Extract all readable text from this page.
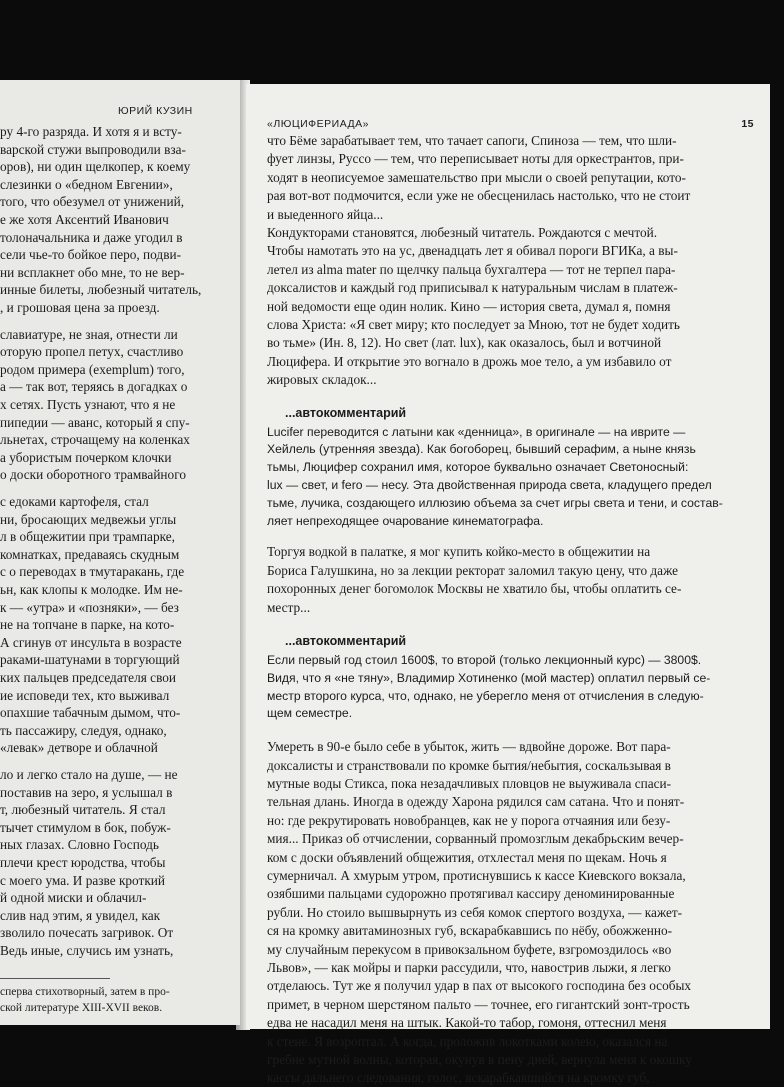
ЮРИЙ КУЗИН
ру 4-го разряда. И хотя я и всту-
варской стужи выпроводили вза-
оров), ни один щелкопер, к коему
слезинки о «бедном Евгении»,
того, что обезумел от унижений,
е же хотя Аксентий Иванович
толоначальника и даже угодил в
сели чье-то бойкое перо, подви-
ни всплакнет обо мне, то не вер-
инные билеты, любезный читатель,
, и грошовая цена за проезд.
славиатуре, не зная, отнести ли
оторую пропел петух, счастливо
родом примера (exemplum) того,
а — так вот, теряясь в догадках о
х сетях. Пусть узнают, что я не
пипедии — аванс, который я спу-
льнетах, строчащему на коленках
а убористым почерком клочки
о доски оборотного трамвайного
с едоками картофеля, стал
ни, бросающих медвежьи углы
л в общежитии при трампарке,
комнатках, предаваясь скудным
с о переводах в тмутаракань, где
ьн, как клопы к молодке. Им не-
к — «утра» и «позняки», — без
не на топчане в парке, на кото-
А сгинув от инсульта в возрасте
раками-шатунами в торгующий
ких пальцев председателя свои
ие исповеди тех, кто выживал
опахшие табачным дымом, что-
ть пассажиру, следуя, однако,
«левак» детворе и облачной
ло и легко стало на душе, — не
поставив на зеро, я услышал в
т, любезный читатель. Я стал
тычет стимулом в бок, побуж-
ных глазах. Словно Господь
плечи крест юродства, чтобы
с моего ума. И разве кроткий
й одной миски и облачил-
слив над этим, я увидел, как
зволило почесать загривок. От
Ведь иные, случись им узнать,
сперва стихотворный, затем в про-
ской литературе XIII-XVII веков.
«ЛЮЦИФЕРИАДА»	15
что Бёме зарабатывает тем, что тачает сапоги, Спиноза — тем, что шли-
фует линзы, Руссо — тем, что переписывает ноты для оркестрантов, при-
ходят в неописуемое замешательство при мысли о своей репутации, кото-
рая вот-вот подмочится, если уже не обесценилась настолько, что не стоит
и выеденного яйца...
Кондукторами становятся, любезный читатель. Рождаются с мечтой.
Чтобы намотать это на ус, двенадцать лет я обивал пороги ВГИКа, а вы-
летел из alma mater по щелчку пальца бухгалтера — тот не терпел пара-
доксалистов и каждый год приписывал к натуральным числам в платеж-
ной ведомости еще один нолик. Кино — история света, думал я, помня
слова Христа: «Я свет миру; кто последует за Мною, тот не будет ходить
во тьме» (Ин. 8, 12). Но свет (лат. lux), как оказалось, был и вотчиной
Люцифера. И открытие это вогнало в дрожь мое тело, а ум избавило от
жировых складок...
...автокомментарий
Lucifer переводится с латыни как «денница», в оригинале — на иврите —
Хейлель (утренняя звезда). Как богоборец, бывший серафим, а ныне князь
тьмы, Люцифер сохранил имя, которое буквально означает Светоносный:
lux — свет, и fero — несу. Эта двойственная природа света, кладущего предел
тьме, лучика, создающего иллюзию объема за счет игры света и тени, и состав-
ляет непреходящее очарование кинематографа.
Торгуя водкой в палатке, я мог купить койко-место в общежитии на
Бориса Галушкина, но за лекции ректорат заломил такую цену, что даже
похоронных денег богомолок Москвы не хватило бы, чтобы оплатить се-
местр...
...автокомментарий
Если первый год стоил 1600$, то второй (только лекционный курс) — 3800$.
Видя, что я «не тяну», Владимир Хотиненко (мой мастер) оплатил первый се-
местр второго курса, что, однако, не уберегло меня от отчисления в следую-
щем семестре.
Умереть в 90-е было себе в убыток, жить — вдвойне дороже. Вот пара-
доксалисты и странствовали по кромке бытия/небытия, соскальзывая в
мутные воды Стикса, пока незадачливых пловцов не выуживала спаси-
тельная длань. Иногда в одежду Харона рядился сам сатана. Что и понят-
но: где рекрутировать новобранцев, как не у порога отчаяния или безу-
мия... Приказ об отчислении, сорванный промозглым декабрьским вечер-
ком с доски объявлений общежития, отхлестал меня по щекам. Ночь я
сумерничал. А хмурым утром, протиснувшись к кассе Киевского вокзала,
озябшими пальцами судорожно протягивал кассиру деноминированные
рубли. Но стоило вышвырнуть из себя комок спертого воздуха, — кажет-
ся на кромку авитаминозных губ, вскарабкавшись по нёбу, обожженно-
му случайным перекусом в привокзальном буфете, взгромоздилось «во
Львов», — как мойры и парки рассудили, что, навострив лыжи, я легко
отделаюсь. Тут же я получил удар в пах от высокого господина без особых
примет, в черном шерстяном пальто — точнее, его гигантский зонт-трость
едва не насадил меня на штык. Какой-то табор, гомоня, оттеснил меня
к стене. Я возроптал. А когда, проложив локотками колею, оказался на
гребне мутной волны, которая, окунув в пену дней, вернула меня к окошку
кассы дальнего следования, голос, вскарабкавшийся на кромку губ,
